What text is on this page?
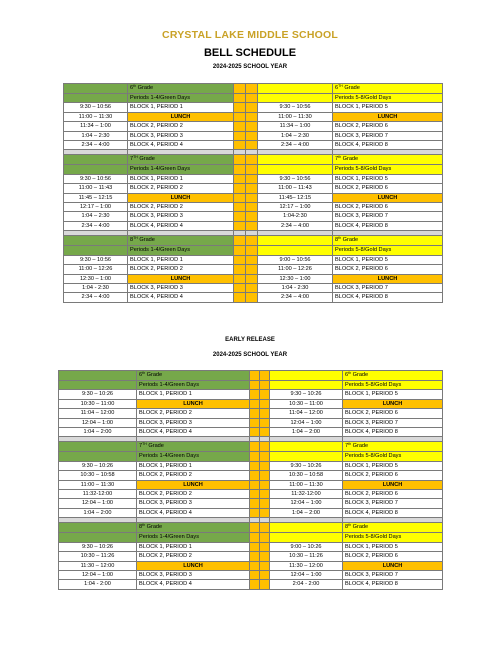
CRYSTAL LAKE MIDDLE SCHOOL
BELL SCHEDULE
2024-2025 SCHOOL YEAR
	6th Grade				6TH Grade
	Periods 1-4/Green Days				Periods 5-8/Gold Days
9:30 – 10:56	BLOCK 1, PERIOD 1			9:30 – 10:56	BLOCK 1, PERIOD 5
11:00 – 11:30	LUNCH			11:00 – 11:30	LUNCH
11:34 – 1:00	BLOCK 2, PERIOD 2			11:34 – 1:00	BLOCK 2, PERIOD 6
1:04 – 2:30	BLOCK 3, PERIOD 3			1:04 – 2:30	BLOCK 3, PERIOD 7
2:34 – 4:00	BLOCK 4, PERIOD 4			2:34 – 4:00	BLOCK 4, PERIOD 8

	7TH Grade				7th Grade
	Periods 1-4/Green Days				Periods 5-8/Gold Days
9:30 – 10:56	BLOCK 1, PERIOD 1			9:30 – 10:56	BLOCK 1, PERIOD 5
11:00 – 11:43	BLOCK 2, PERIOD 2			11:00 – 11:43	BLOCK 2, PERIOD 6
11:45 – 12:15	LUNCH			11:45– 12:15	LUNCH
12:17 – 1:00	BLOCK 2, PERIOD 2			12:17 – 1:00	BLOCK 2, PERIOD 6
1:04 – 2:30	BLOCK 3, PERIOD 3			1:04-2:30	BLOCK 3, PERIOD 7
2:34 – 4:00	BLOCK 4, PERIOD 4			2:34 – 4:00	BLOCK 4, PERIOD 8

	8TH Grade				8th Grade
	Periods 1-4/Green Days				Periods 5-8/Gold Days
9:30 – 10:56	BLOCK 1, PERIOD 1			9:00 – 10:56	BLOCK 1, PERIOD 5
11:00 – 12:26	BLOCK 2, PERIOD 2			11:00 – 12:26	BLOCK 2, PERIOD 6
12:30 – 1:00	LUNCH			12:30 – 1:00	LUNCH
1:04 - 2:30	BLOCK 3, PERIOD 3			1:04 - 2:30	BLOCK 3, PERIOD 7
2:34 – 4:00	BLOCK 4, PERIOD 4			2:34 – 4:00	BLOCK 4, PERIOD 8
EARLY RELEASE
2024-2025 SCHOOL YEAR
	6th Grade				6th Grade
	Periods 1-4/Green Days				Periods 5-8/Gold Days
9:30 – 10:26	BLOCK 1, PERIOD 1			9:30 – 10:26	BLOCK 1, PERIOD 5
10:30 – 11:00	LUNCH			10:30 – 11:00	LUNCH
11:04 – 12:00	BLOCK 2, PERIOD 2			11:04 – 12:00	BLOCK 2, PERIOD 6
12:04 – 1:00	BLOCK 3, PERIOD 3			12:04 – 1:00	BLOCK 3, PERIOD 7
1:04 – 2:00	BLOCK 4, PERIOD 4			1:04 – 2:00	BLOCK 4, PERIOD 8

	7TH Grade				7th Grade
	Periods 1-4/Green Days				Periods 5-8/Gold Days
9:30 – 10:26	BLOCK 1, PERIOD 1			9:30 – 10:26	BLOCK 1, PERIOD 5
10:30 – 10:58	BLOCK 2, PERIOD 2			10:30 – 10:58	BLOCK 2, PERIOD 6
11:00 – 11:30	LUNCH			11:00 – 11:30	LUNCH
11:32-12:00	BLOCK 2, PERIOD 2			11:32-12:00	BLOCK 2, PERIOD 6
12:04 – 1:00	BLOCK 3, PERIOD 3			12:04 – 1:00	BLOCK 3, PERIOD 7
1:04 – 2:00	BLOCK 4, PERIOD 4			1:04 – 2:00	BLOCK 4, PERIOD 8

	8th Grade				8th Grade
	Periods 1-4/Green Days				Periods 5-8/Gold Days
9:30 – 10:26	BLOCK 1, PERIOD 1			9:00 – 10:26	BLOCK 1, PERIOD 5
10:30 – 11:26	BLOCK 2, PERIOD 2			10:30 – 11:26	BLOCK 2, PERIOD 6
11:30 – 12:00	LUNCH			11:30 – 12:00	LUNCH
12:04 – 1:00	BLOCK 3, PERIOD 3			12:04 – 1:00	BLOCK 3, PERIOD 7
1:04 - 2:00	BLOCK 4, PERIOD 4			2:04 - 2:00	BLOCK 4, PERIOD 8
